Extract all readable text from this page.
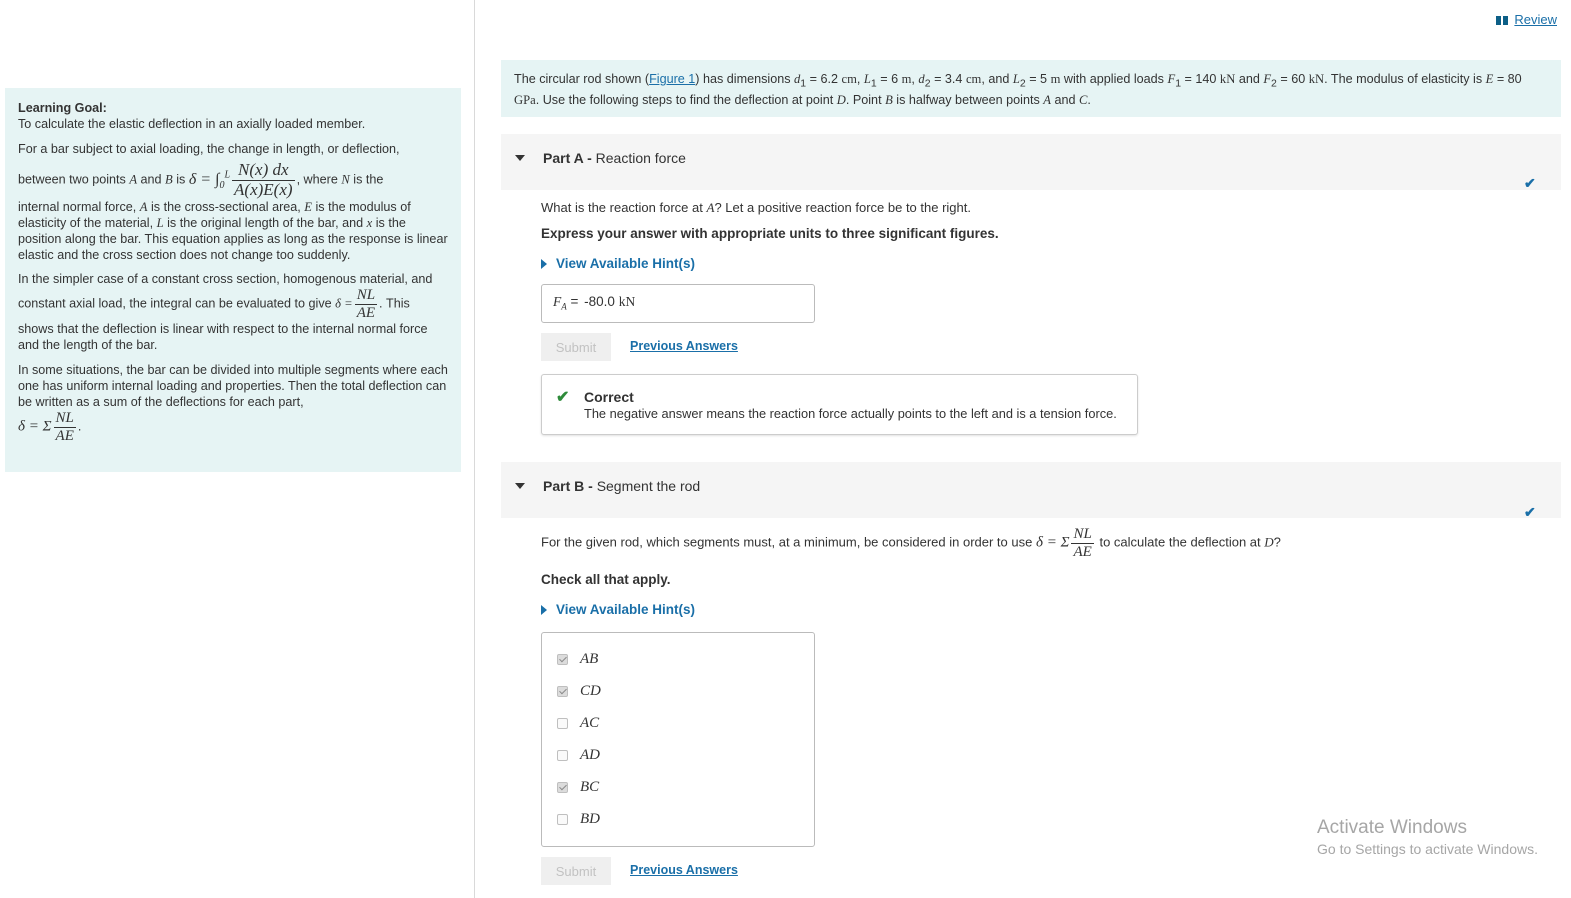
Learning Goal:

To calculate the elastic deflection in an axially loaded member.

For a bar subject to axial loading, the change in length, or deflection,
between two points A and B is $\delta = \int_0^L \frac{N(x) dx}{A(x)E(x)}$ , where N is the
internal normal force, A is the cross-sectional area, E is the modulus of elasticity of the material, L is the original length of the bar, and x is the position along the bar. This equation applies as long as the response is linear elastic and the cross section does not change too suddenly.

In the simpler case of a constant cross section, homogenous material, and constant axial load, the integral can be evaluated to give $\delta = \frac{NL}{AE}$ . This shows that the deflection is linear with respect to the internal normal force and the length of the bar.

In some situations, the bar can be divided into multiple segments where each one has uniform internal loading and properties. Then the total deflection can be written as a sum of the deflections for each part,
δ = Σ $\frac{NL}{AE}$ .

Review
The circular rod shown (Figure 1) has dimensions $d_1 = 6.2$ cm, $L_1 = 6$ m, $d_2 = 3.4$ cm, and $L_2 = 5$ m with applied loads $F_1 = 140$ kN and $F_2 = 60$ kN. The modulus of elasticity is E = 80 GPa. Use the following steps to find the deflection at point D. Point B is halfway between points A and C.
Part A - Reaction force
✔
What is the reaction force at A? Let a positive reaction force be to the right.
Express your answer with appropriate units to three significant figures.
View Available Hint(s)
$F_A = -80.0$ kN
Submit	Previous Answers
✔ Correct
The negative answer means the reaction force actually points to the left and is a tension force.
Part B - Segment the rod
✔
For the given rod, which segments must, at a minimum, be considered in order to use δ = Σ $\frac{NL}{AE}$ to calculate the deflection at D?
Check all that apply.
View Available Hint(s)
AB
CD
AC
AD
BC
BD
Submit	Previous Answers
Activate Windows
Go to Settings to activate Windows.
